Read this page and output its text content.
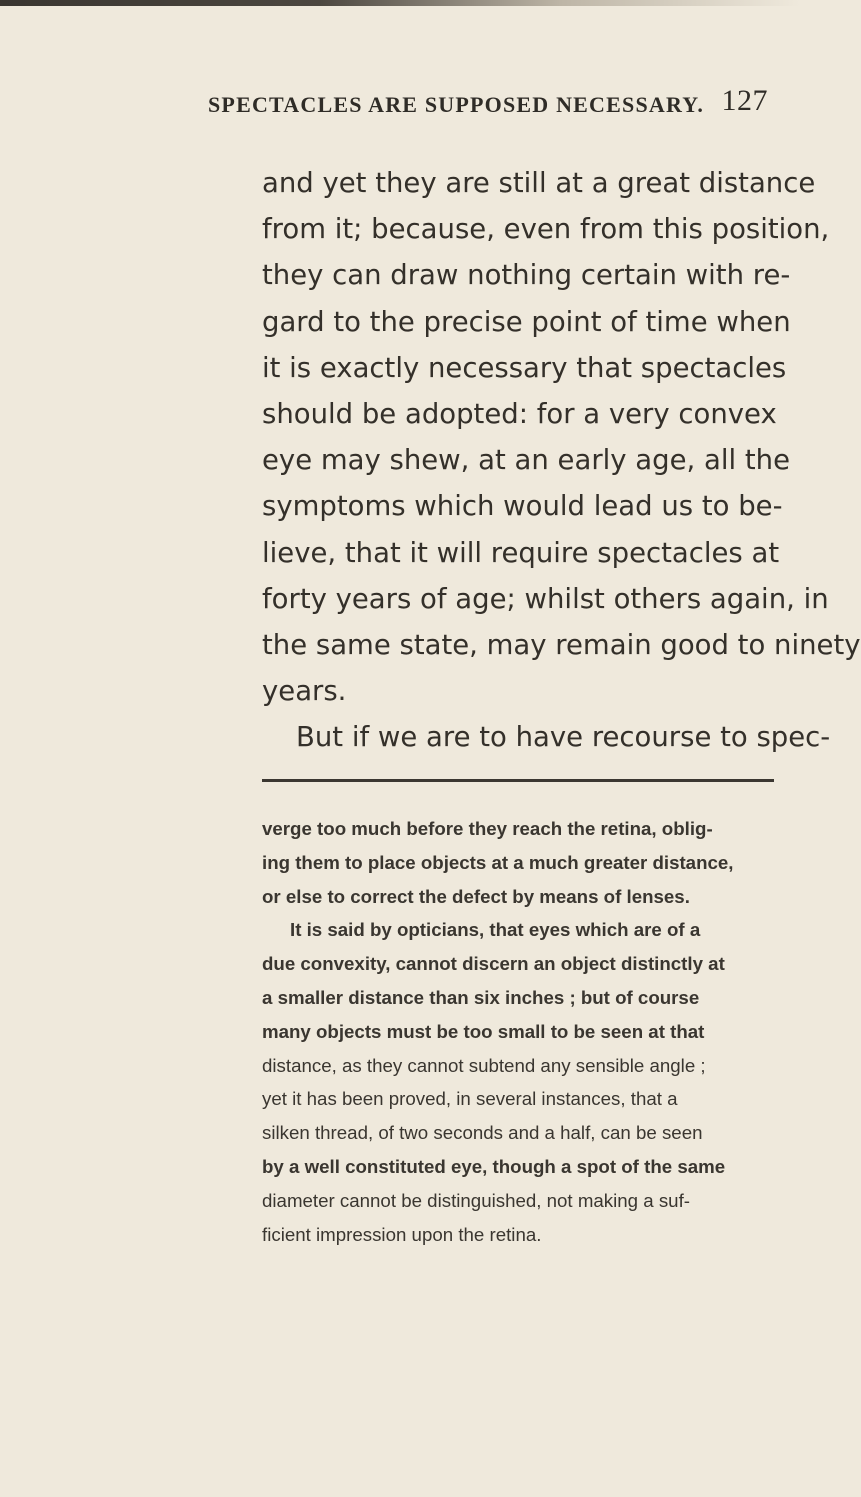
SPECTACLES ARE SUPPOSED NECESSARY. 127
and yet they are still at a great distance
from it; because, even from this position,
they can draw nothing certain with re-
gard to the precise point of time when
it is exactly necessary that spectacles
should be adopted: for a very convex
eye may shew, at an early age, all the
symptoms which would lead us to be-
lieve, that it will require spectacles at
forty years of age; whilst others again, in
the same state, may remain good to ninety
years.
But if we are to have recourse to spec-
verge too much before they reach the retina, oblig-
ing them to place objects at a much greater distance,
or else to correct the defect by means of lenses.
It is said by opticians, that eyes which are of a
due convexity, cannot discern an object distinctly at
a smaller distance than six inches ; but of course
many objects must be too small to be seen at that
distance, as they cannot subtend any sensible angle ;
yet it has been proved, in several instances, that a
silken thread, of two seconds and a half, can be seen
by a well constituted eye, though a spot of the same
diameter cannot be distinguished, not making a suf-
ficient impression upon the retina.
